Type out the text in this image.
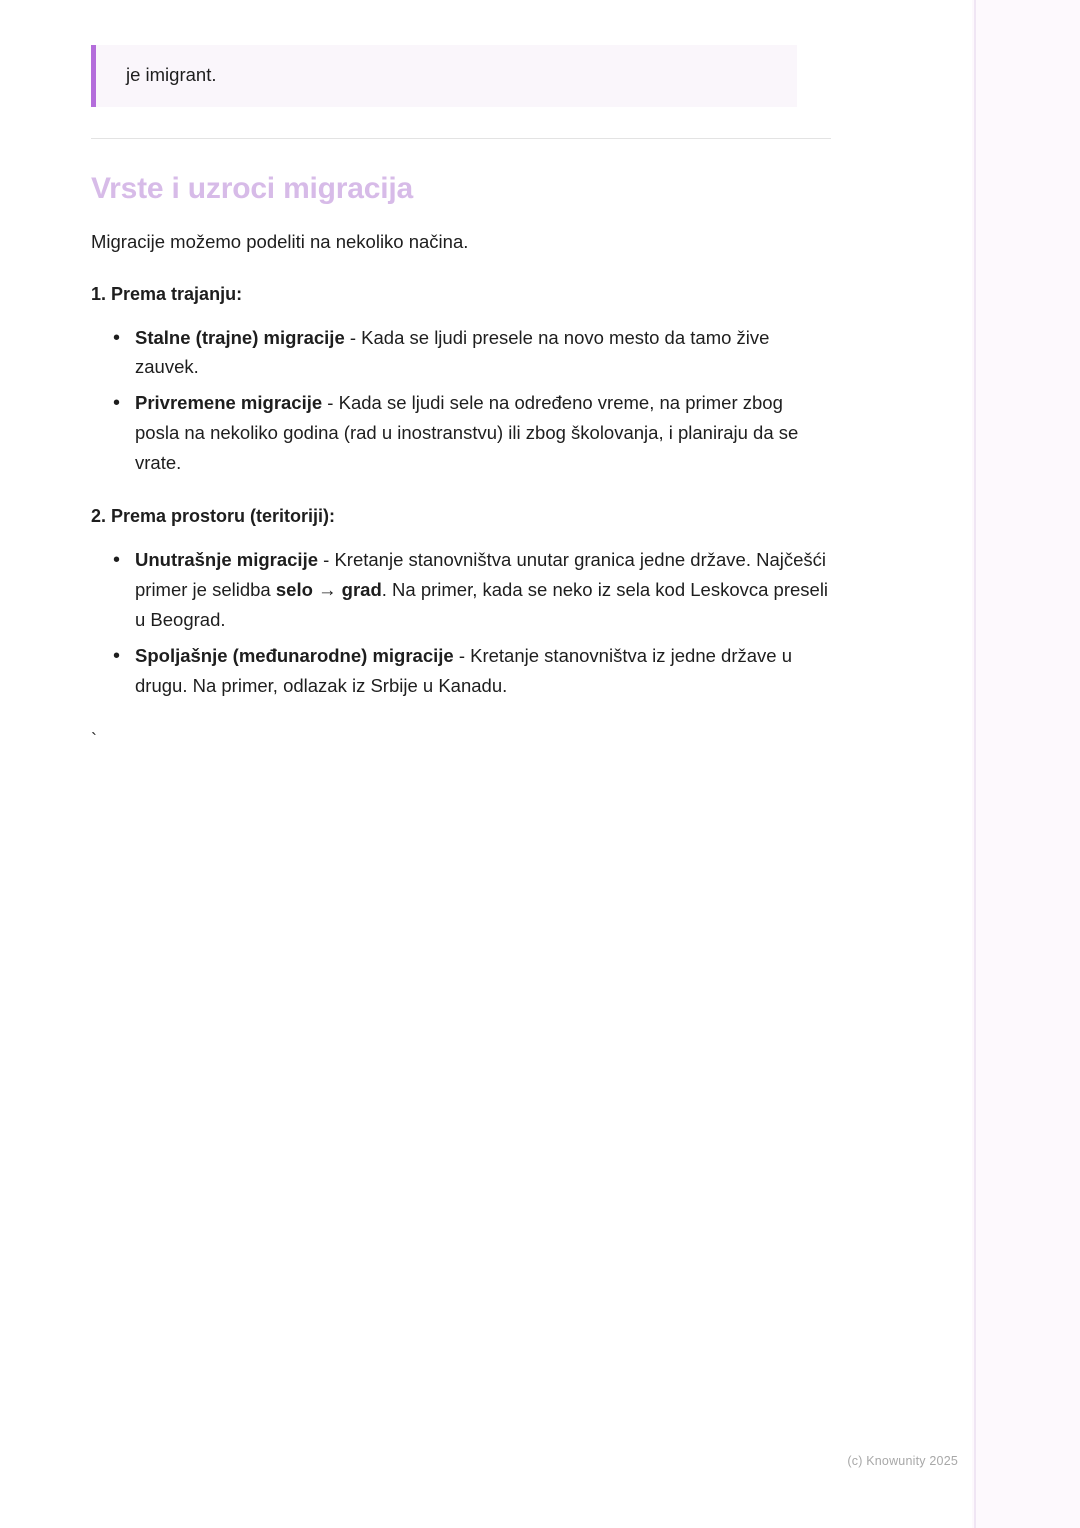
je imigrant.
Vrste i uzroci migracija

Migracije možemo podeliti na nekoliko načina.

1. Prema trajanju:

• Stalne (trajne) migracije - Kada se ljudi presele na novo mesto da tamo žive zauvek.
• Privremene migracije - Kada se ljudi sele na određeno vreme, na primer zbog posla na nekoliko godina (rad u inostranstvu) ili zbog školovanja, i planiraju da se vrate.

2. Prema prostoru (teritoriji):

• Unutrašnje migracije - Kretanje stanovništva unutar granica jedne države. Najčešći primer je selidba selo → grad. Na primer, kada se neko iz sela kod Leskovca preseli u Beograd.
• Spoljašnje (međunarodne) migracije - Kretanje stanovništva iz jedne države u drugu. Na primer, odlazak iz Srbije u Kanadu.
`
(c) Knowunity 2025
